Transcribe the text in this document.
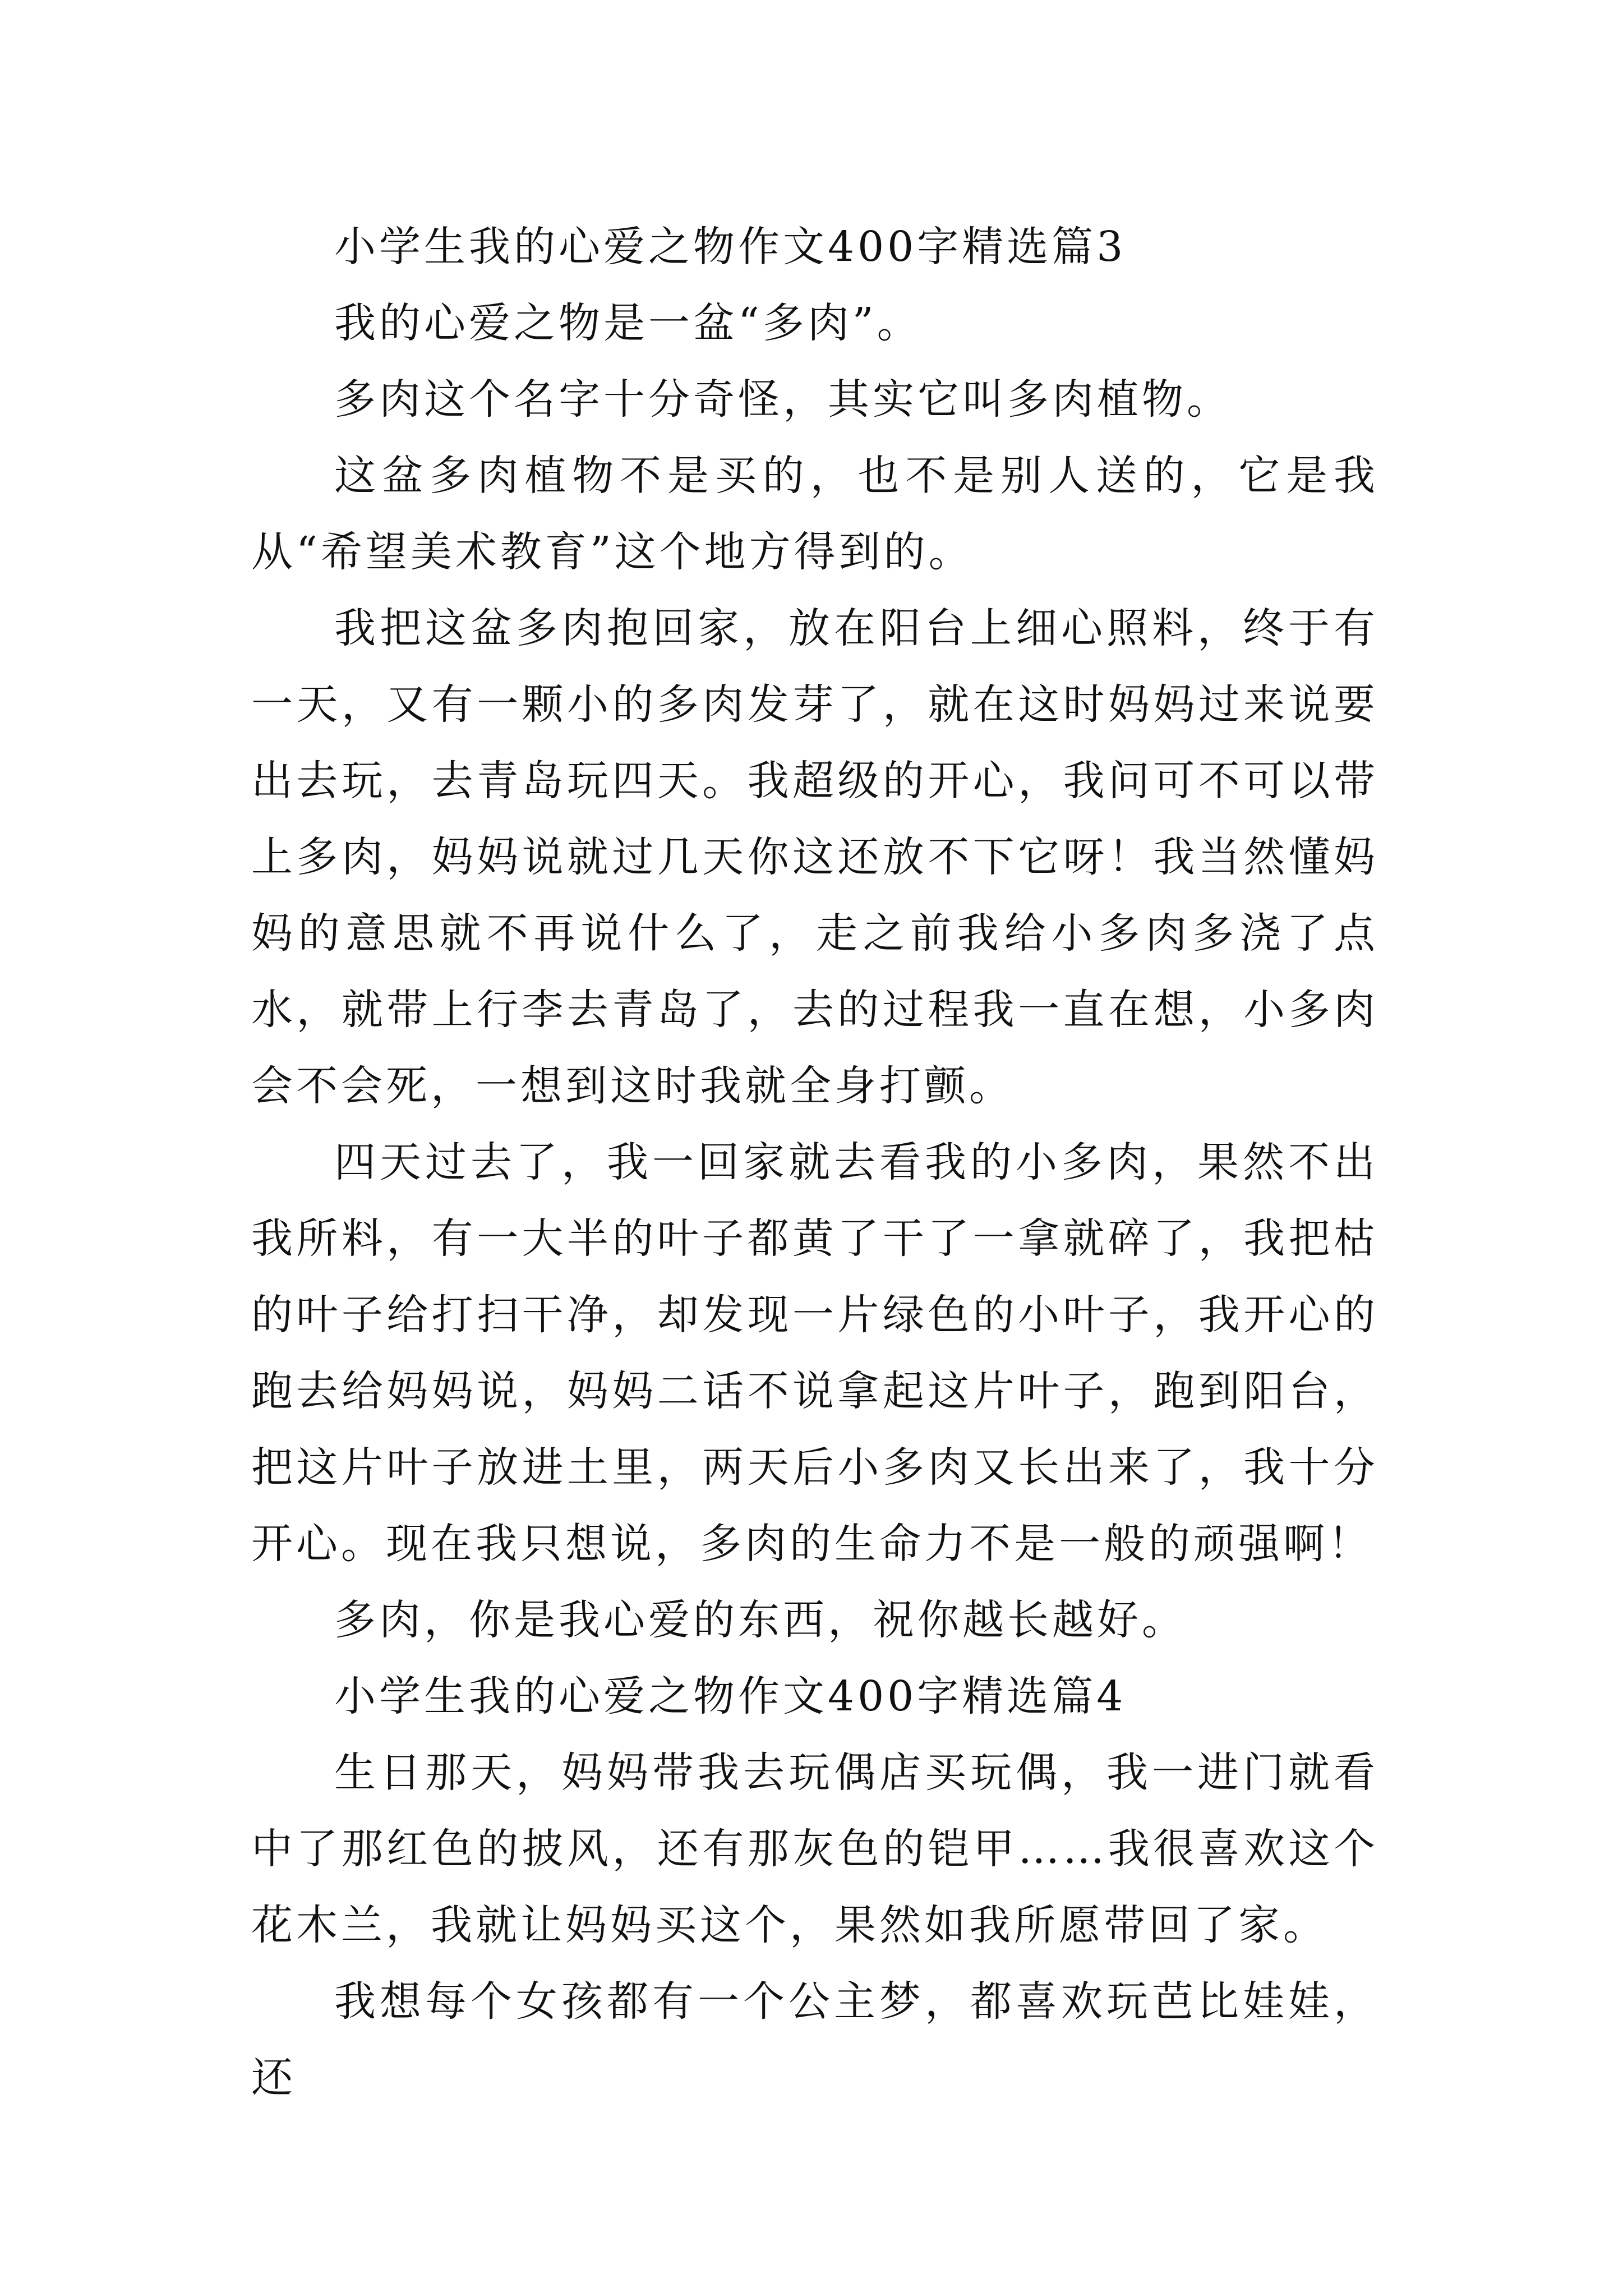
小学生我的心爱之物作文400字精选篇3

我的心爱之物是一盆“多肉”。

多肉这个名字十分奇怪，其实它叫多肉植物。

这盆多肉植物不是买的，也不是别人送的，它是我从“希望美术教育”这个地方得到的。

我把这盆多肉抱回家，放在阳台上细心照料，终于有一天，又有一颗小的多肉发芽了，就在这时妈妈过来说要出去玩，去青岛玩四天。我超级的开心，我问可不可以带上多肉，妈妈说就过几天你这还放不下它呀！我当然懂妈妈的意思就不再说什么了，走之前我给小多肉多浇了点水，就带上行李去青岛了，去的过程我一直在想，小多肉会不会死，一想到这时我就全身打颤。

四天过去了，我一回家就去看我的小多肉，果然不出我所料，有一大半的叶子都黄了干了一拿就碎了，我把枯的叶子给打扫干净，却发现一片绿色的小叶子，我开心的跑去给妈妈说，妈妈二话不说拿起这片叶子，跑到阳台，把这片叶子放进土里，两天后小多肉又长出来了，我十分开心。现在我只想说，多肉的生命力不是一般的顽强啊！

多肉，你是我心爱的东西，祝你越长越好。

小学生我的心爱之物作文400字精选篇4

生日那天，妈妈带我去玩偶店买玩偶，我一进门就看中了那红色的披风，还有那灰色的铠甲……我很喜欢这个花木兰，我就让妈妈买这个，果然如我所愿带回了家。

我想每个女孩都有一个公主梦，都喜欢玩芭比娃娃，还
